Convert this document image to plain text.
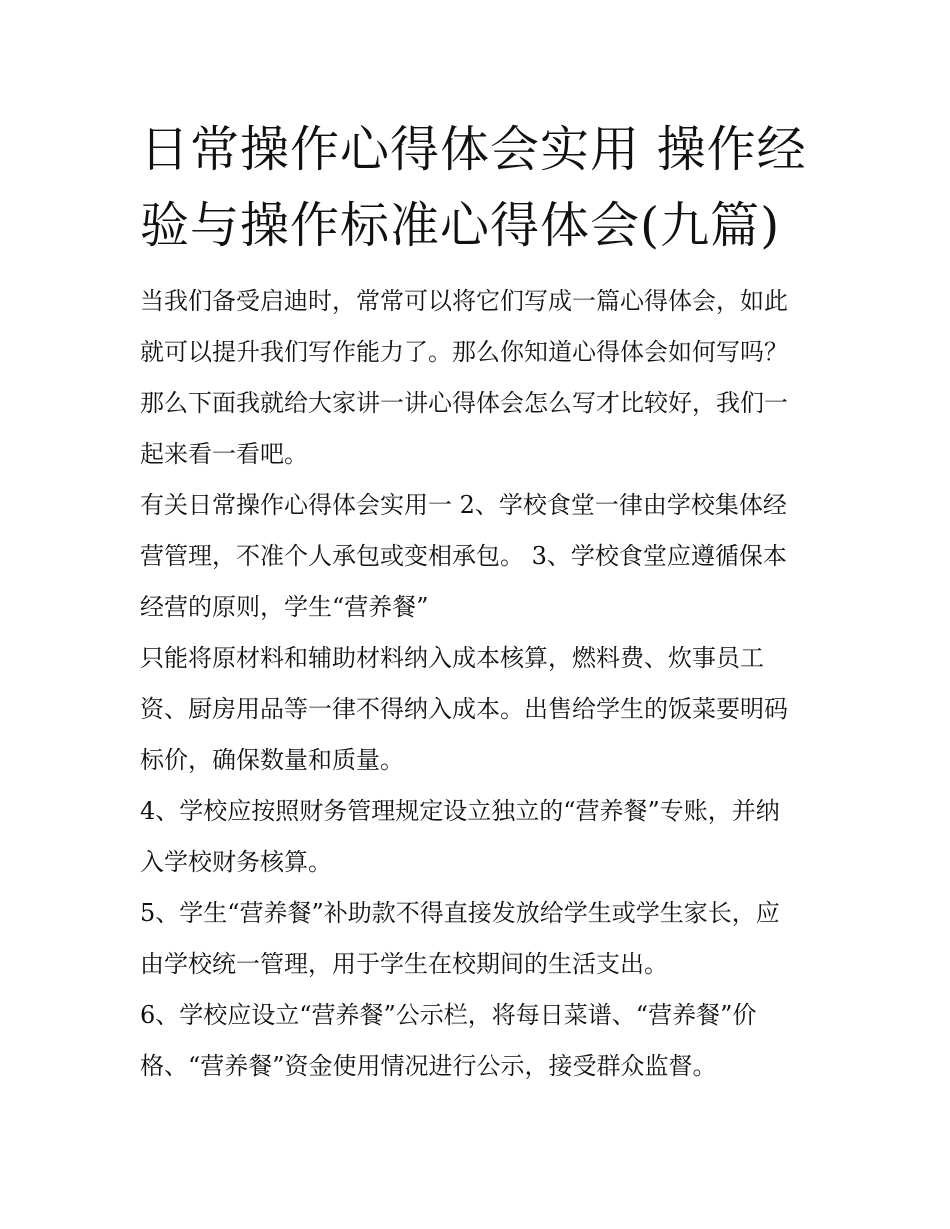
日常操作心得体会实用 操作经
验与操作标准心得体会(九篇)

当我们备受启迪时，常常可以将它们写成一篇心得体会，如此
就可以提升我们写作能力了。那么你知道心得体会如何写吗？
那么下面我就给大家讲一讲心得体会怎么写才比较好，我们一
起来看一看吧。

有关日常操作心得体会实用一 2、学校食堂一律由学校集体经
营管理，不准个人承包或变相承包。 3、学校食堂应遵循保本
经营的原则，学生“营养餐”

只能将原材料和辅助材料纳入成本核算，燃料费、炊事员工
资、厨房用品等一律不得纳入成本。出售给学生的饭菜要明码
标价，确保数量和质量。

4、学校应按照财务管理规定设立独立的“营养餐”专账，并纳
入学校财务核算。

5、学生“营养餐”补助款不得直接发放给学生或学生家长，应
由学校统一管理，用于学生在校期间的生活支出。

6、学校应设立“营养餐”公示栏，将每日菜谱、“营养餐”价
格、“营养餐”资金使用情况进行公示，接受群众监督。
